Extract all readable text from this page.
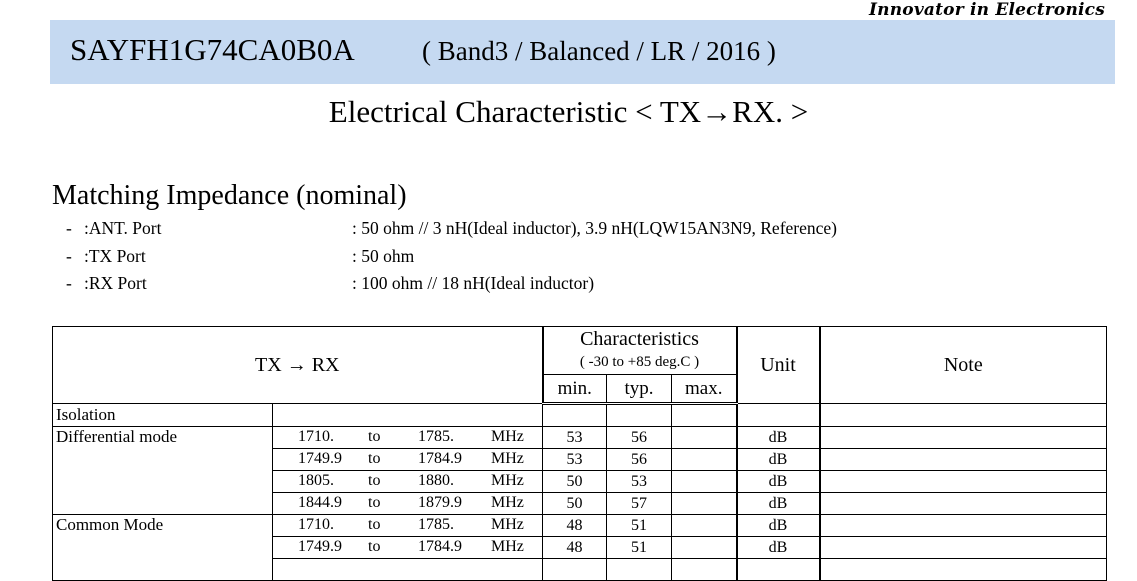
Innovator in Electronics
SAYFH1G74CA0B0A ( Band3 / Balanced / LR / 2016 )
Electrical Characteristic < TX→RX. >
Matching Impedance (nominal)
- :ANT. Port	: 50 ohm // 3 nH(Ideal inductor), 3.9 nH(LQW15AN3N9, Reference)
- :TX Port	: 50 ohm
- :RX Port	: 100 ohm // 18 nH(Ideal inductor)
TX → RX		Characteristics			Unit	Note
		( -30 to +85 deg.C )				
		min.	typ.	max.		
Isolation						
Differential mode	1710. to 1785. MHz	53	56		dB	

	1749.9 to 1784.9 MHz	53	56		dB	

	1805. to 1880. MHz	50	53		dB	

	1844.9 to 1879.9 MHz	50	57		dB	
Common Mode	1710. to 1785. MHz	48	51		dB	

	1749.9 to 1784.9 MHz	48	51		dB	
